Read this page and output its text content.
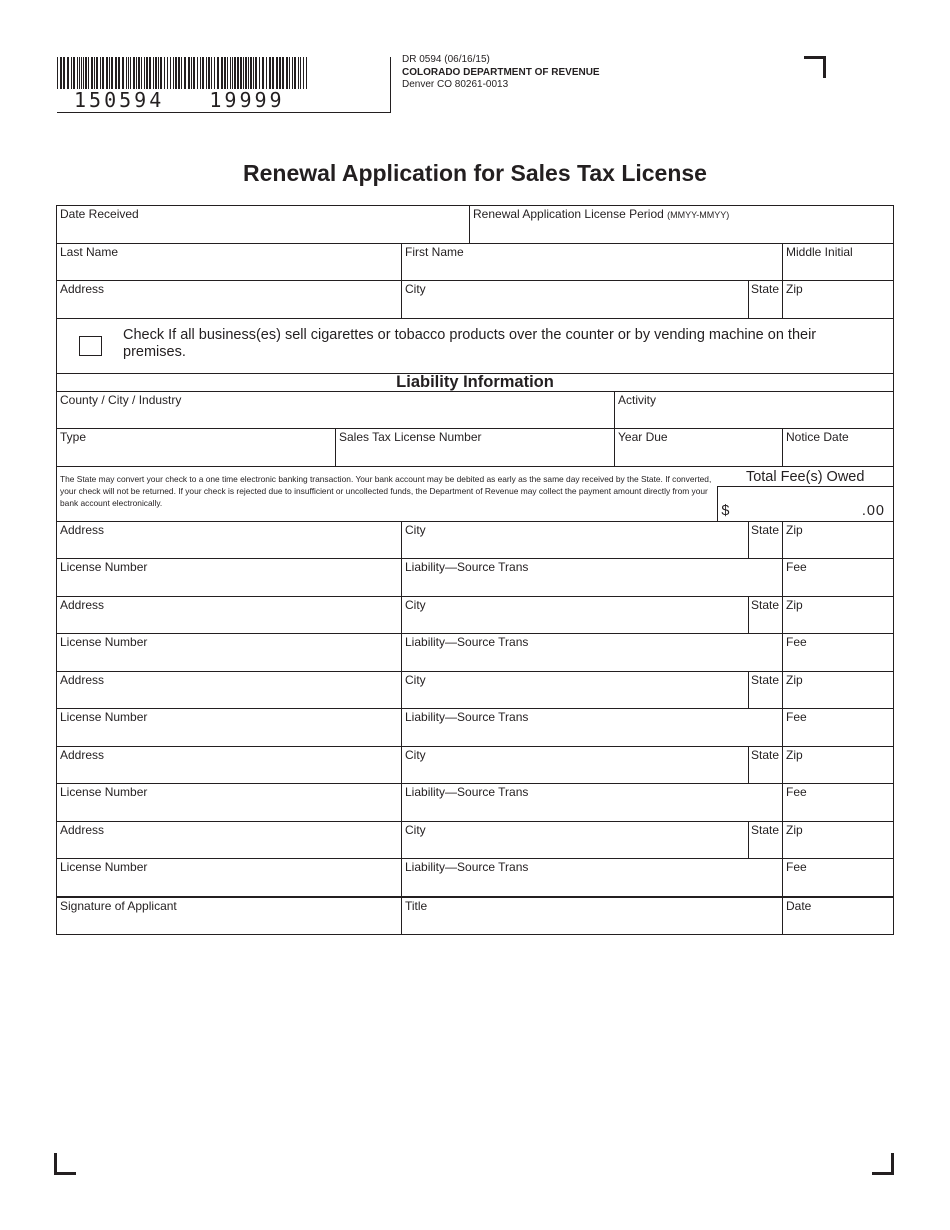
150594   19999
DR 0594 (06/16/15)
COLORADO DEPARTMENT OF REVENUE
Denver CO 80261-0013
Renewal Application for Sales Tax License
Date Received	Renewal Application License Period (MMYY-MMYY)
Last Name	First Name	Middle Initial
Address	City	State Zip
Check If all business(es) sell cigarettes or tobacco products over the counter or by vending machine on their premises.
Liability Information
County / City / Industry	Activity
Type	Sales Tax License Number	Year Due	Notice Date
The State may convert your check to a one time electronic banking transaction. Your bank account may be debited as early as the same day received by the State. If converted, your check will not be returned. If your check is rejected due to insufficient or uncollected funds, the Department of Revenue may collect the payment amount directly from your bank account electronically.
Total Fee(s) Owed
$	.00
Address	City	State Zip
License Number	Liability—Source Trans	Fee
Address	City	State Zip
License Number	Liability—Source Trans	Fee
Address	City	State Zip
License Number	Liability—Source Trans	Fee
Address	City	State Zip
License Number	Liability—Source Trans	Fee
Address	City	State Zip
License Number	Liability—Source Trans	Fee
Signature of Applicant	Title	Date
